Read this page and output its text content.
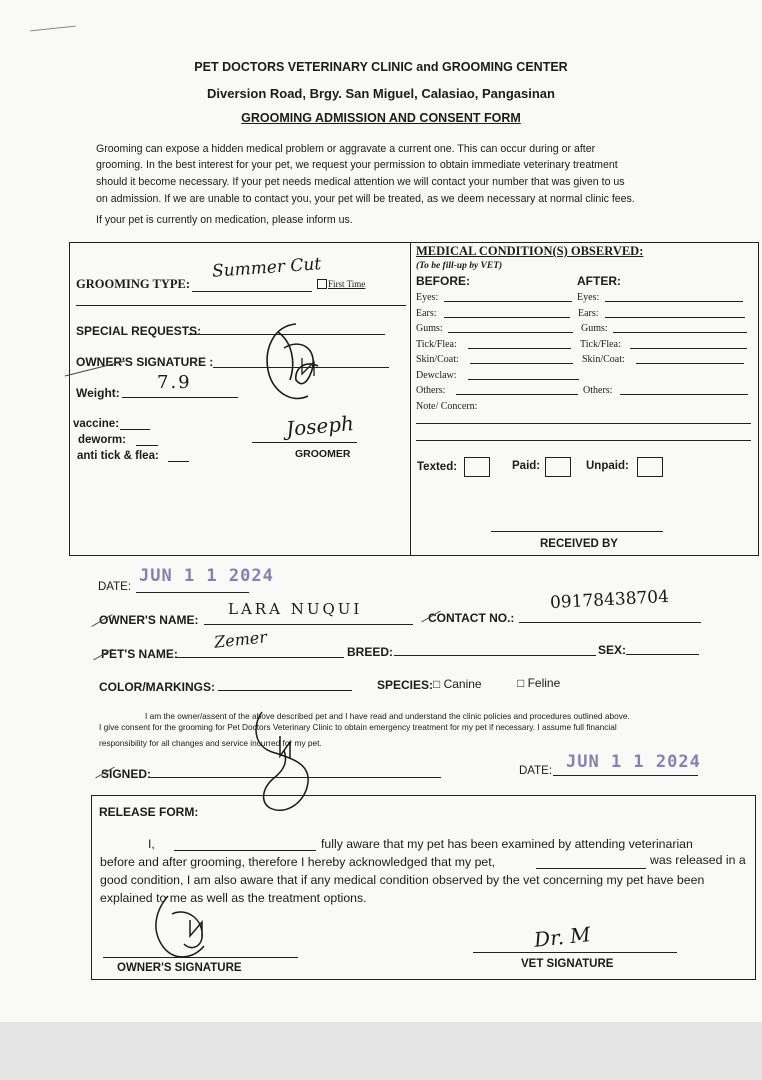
PET DOCTORS VETERINARY CLINIC and GROOMING CENTER
Diversion Road, Brgy. San Miguel, Calasiao, Pangasinan
GROOMING ADMISSION AND CONSENT FORM
Grooming can expose a hidden medical problem or aggravate a current one. This can occur during or after
grooming. In the best interest for your pet, we request your permission to obtain immediate veterinary treatment
should it become necessary. If your pet needs medical attention we will contact your number that was given to us
on admission. If we are unable to contact you, your pet will be treated, as we deem necessary at normal clinic fees.
If your pet is currently on medication, please inform us.
GROOMING TYPE:
Summer Cut
First Time
SPECIAL REQUESTS:
OWNER'S SIGNATURE :
Weight: 7.9
vaccine:
deworm:
anti tick & flea:
Joseph
GROOMER
MEDICAL CONDITION(S) OBSERVED:
(To be fill-up by VET)
BEFORE:	AFTER:
Eyes:	Eyes:
Ears:	Ears:
Gums:	Gums:
Tick/Flea:	Tick/Flea:
Skin/Coat:	Skin/Coat:
Dewclaw:
Others:	Others:
Note/ Concern:
Texted:	Paid:	Unpaid:
RECEIVED BY
DATE:
JUN 1 1 2024
OWNER'S NAME:
LARA NUQUI	CONTACT NO.:
09178438704
PET'S NAME:
Zemer
BREED:	SEX:
COLOR/MARKINGS:	SPECIES: □ Canine	□ Feline
I am the owner/assent of the above described pet and I have read and understand the clinic policies and procedures outlined above.
I give consent for the grooming for Pet Doctors Veterinary Clinic to obtain emergency treatment for my pet if necessary. I assume full financial
responsibility for all changes and service incurred for my pet.
SIGNED:	DATE: JUN 1 1 2024
RELEASE FORM:
I,	fully aware that my pet has been examined by attending veterinarian
before and after grooming, therefore I hereby acknowledged that my pet,	was released in a
good condition, I am also aware that if any medical condition observed by the vet concerning my pet have been
explained to me as well as the treatment options.
OWNER'S SIGNATURE
Dr. M
VET SIGNATURE
